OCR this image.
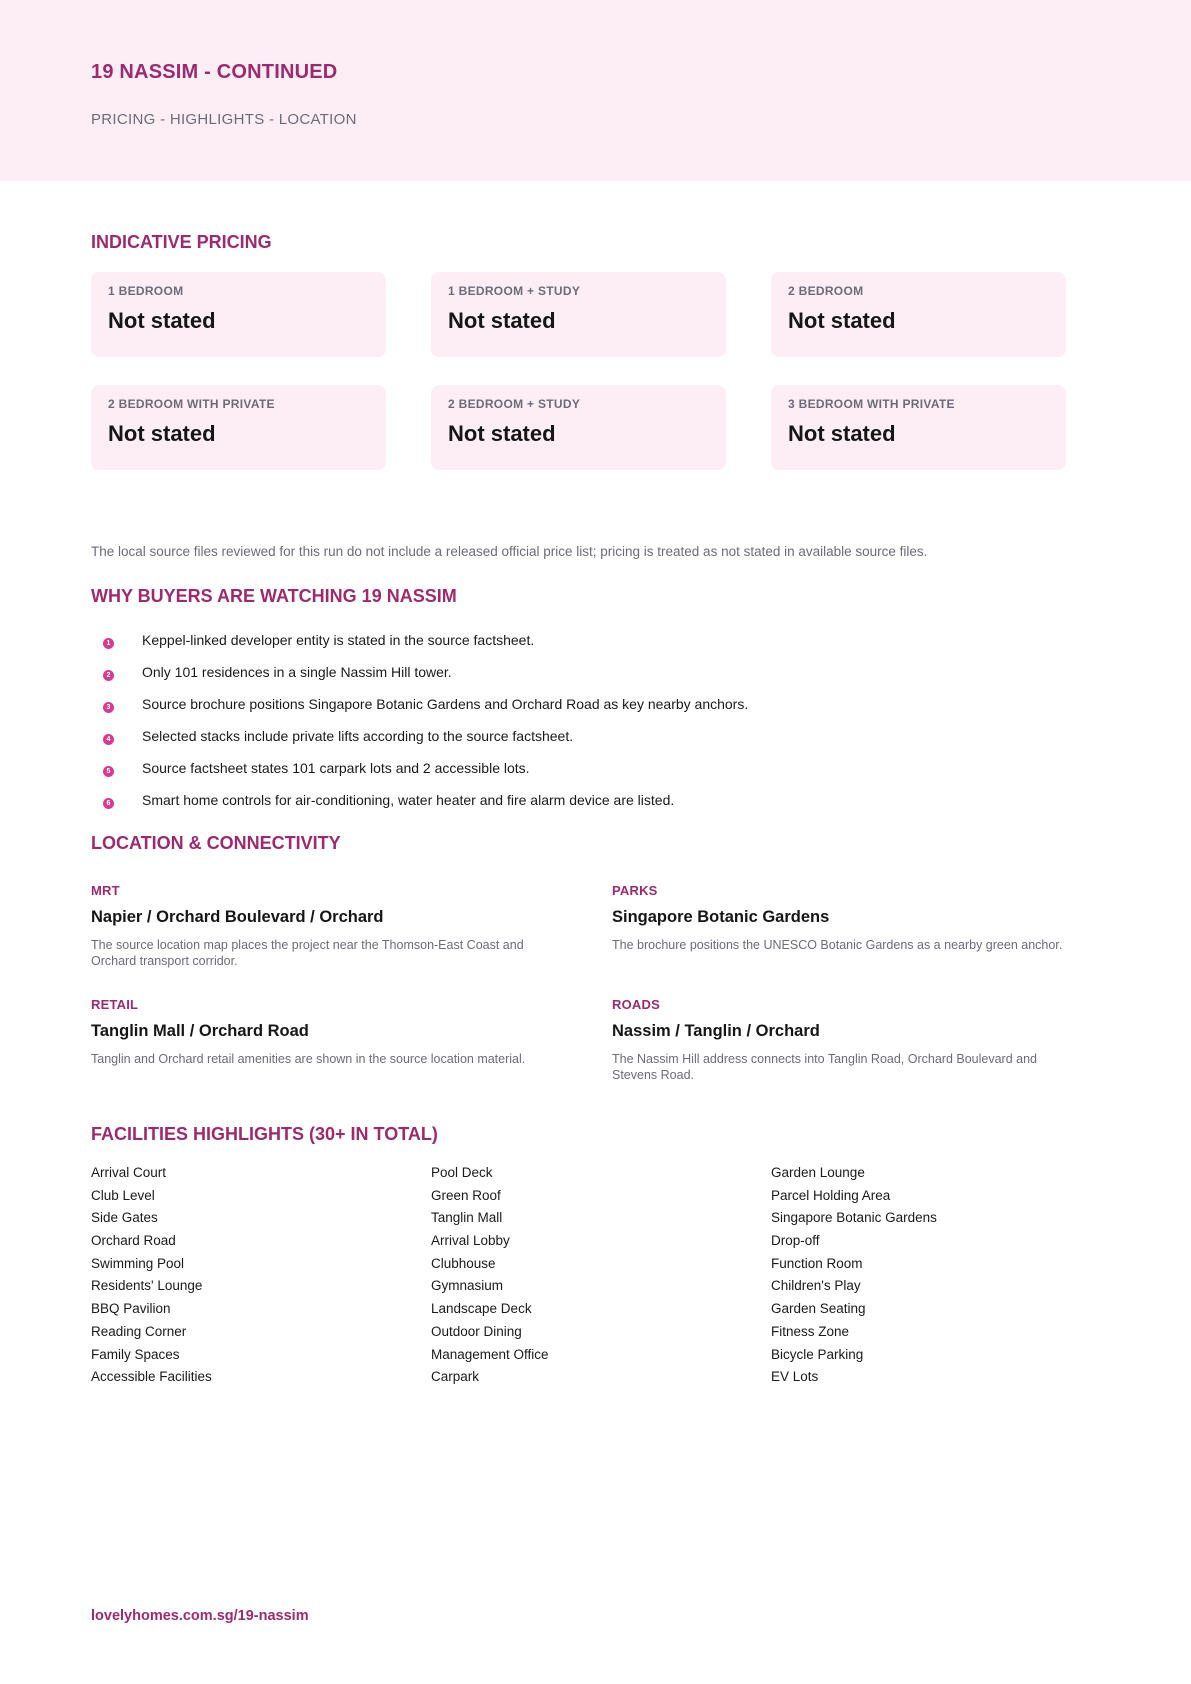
19 NASSIM - CONTINUED
PRICING - HIGHLIGHTS - LOCATION
INDICATIVE PRICING
1 BEDROOM
Not stated
1 BEDROOM + STUDY
Not stated
2 BEDROOM
Not stated
2 BEDROOM WITH PRIVATE
Not stated
2 BEDROOM + STUDY
Not stated
3 BEDROOM WITH PRIVATE
Not stated
The local source files reviewed for this run do not include a released official price list; pricing is treated as not stated in available source files.
WHY BUYERS ARE WATCHING 19 NASSIM
1 Keppel-linked developer entity is stated in the source factsheet.
2 Only 101 residences in a single Nassim Hill tower.
3 Source brochure positions Singapore Botanic Gardens and Orchard Road as key nearby anchors.
4 Selected stacks include private lifts according to the source factsheet.
5 Source factsheet states 101 carpark lots and 2 accessible lots.
6 Smart home controls for air-conditioning, water heater and fire alarm device are listed.
LOCATION & CONNECTIVITY
MRT
Napier / Orchard Boulevard / Orchard
The source location map places the project near the Thomson-East Coast and Orchard transport corridor.
PARKS
Singapore Botanic Gardens
The brochure positions the UNESCO Botanic Gardens as a nearby green anchor.
RETAIL
Tanglin Mall / Orchard Road
Tanglin and Orchard retail amenities are shown in the source location material.
ROADS
Nassim / Tanglin / Orchard
The Nassim Hill address connects into Tanglin Road, Orchard Boulevard and Stevens Road.
FACILITIES HIGHLIGHTS (30+ IN TOTAL)
Arrival Court
Club Level
Side Gates
Orchard Road
Swimming Pool
Residents' Lounge
BBQ Pavilion
Reading Corner
Family Spaces
Accessible Facilities
Pool Deck
Green Roof
Tanglin Mall
Arrival Lobby
Clubhouse
Gymnasium
Landscape Deck
Outdoor Dining
Management Office
Carpark
Garden Lounge
Parcel Holding Area
Singapore Botanic Gardens
Drop-off
Function Room
Children's Play
Garden Seating
Fitness Zone
Bicycle Parking
EV Lots
lovelyhomes.com.sg/19-nassim
